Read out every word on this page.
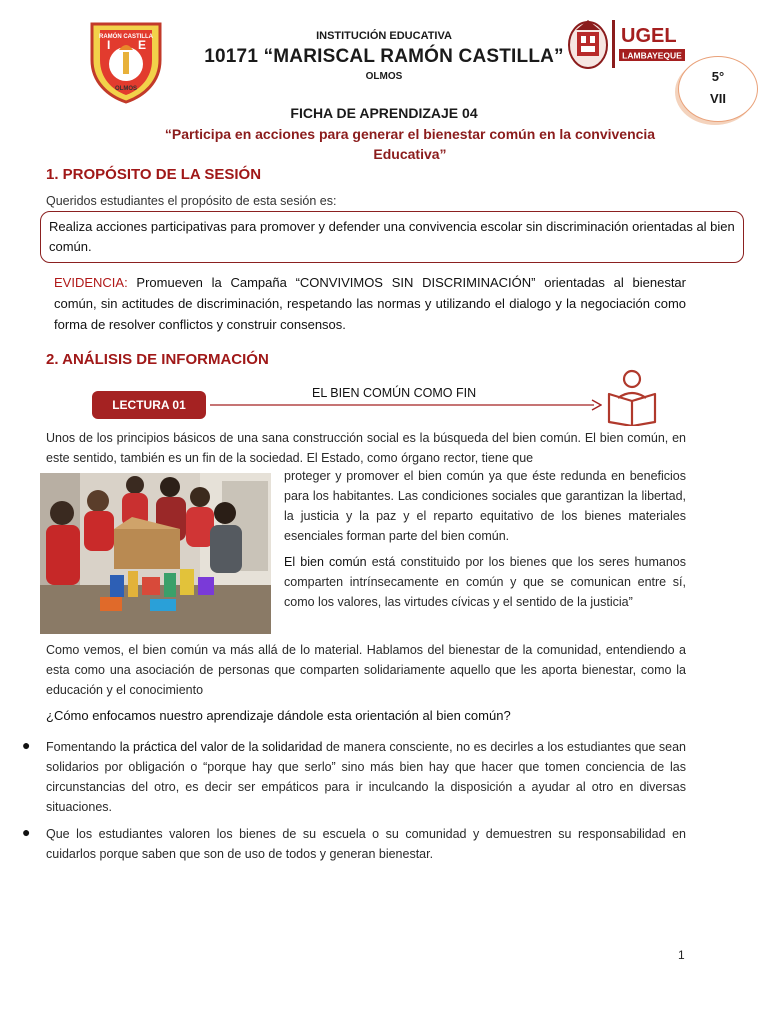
I E
RAMÓN CASTILLA
OLMOS
INSTITUCIÓN EDUCATIVA
10171 “MARISCAL RAMÓN CASTILLA”
OLMOS
UGEL
LAMBAYEQUE
5°
VII
FICHA DE APRENDIZAJE 04
“Participa en acciones para generar el bienestar común en la convivencia Educativa”
1. PROPÓSITO DE LA SESIÓN
Queridos estudiantes el propósito de esta sesión es:
Realiza acciones participativas para promover y defender una convivencia escolar sin discriminación orientadas al bien común.
EVIDENCIA: Promueven la Campaña “CONVIVIMOS SIN DISCRIMINACIÓN” orientadas al bienestar común, sin actitudes de discriminación, respetando las normas y utilizando el dialogo y la negociación como forma de resolver conflictos y construir consensos.
2. ANÁLISIS DE INFORMACIÓN
LECTURA 01
EL BIEN COMÚN COMO FIN
Unos de los principios básicos de una sana construcción social es la búsqueda del bien común. El bien común, en este sentido, también es un fin de la sociedad. El Estado, como órgano rector, tiene que
proteger y promover el bien común ya que éste redunda en beneficios para los habitantes. Las condiciones sociales que garantizan la libertad, la justicia y la paz y el reparto equitativo de los bienes materiales esenciales forman parte del bien común.
El bien común está constituido por los bienes que los seres humanos comparten intrínsecamente en común y que se comunican entre sí, como los valores, las virtudes cívicas y el sentido de la justicia”
Como vemos, el bien común va más allá de lo material. Hablamos del bienestar de la comunidad, entendiendo a esta como una asociación de personas que comparten solidariamente aquello que les aporta bienestar, como la educación y el conocimiento
¿Cómo enfocamos nuestro aprendizaje dándole esta orientación al bien común?
● Fomentando la práctica del valor de la solidaridad de manera consciente, no es decirles a los estudiantes que sean solidarios por obligación o “porque hay que serlo” sino más bien hay que hacer que tomen conciencia de las circunstancias del otro, es decir ser empáticos para ir inculcando la disposición a ayudar al otro en diversas situaciones.
● Que los estudiantes valoren los bienes de su escuela o su comunidad y demuestren su responsabilidad en cuidarlos porque saben que son de uso de todos y generan bienestar.
1
